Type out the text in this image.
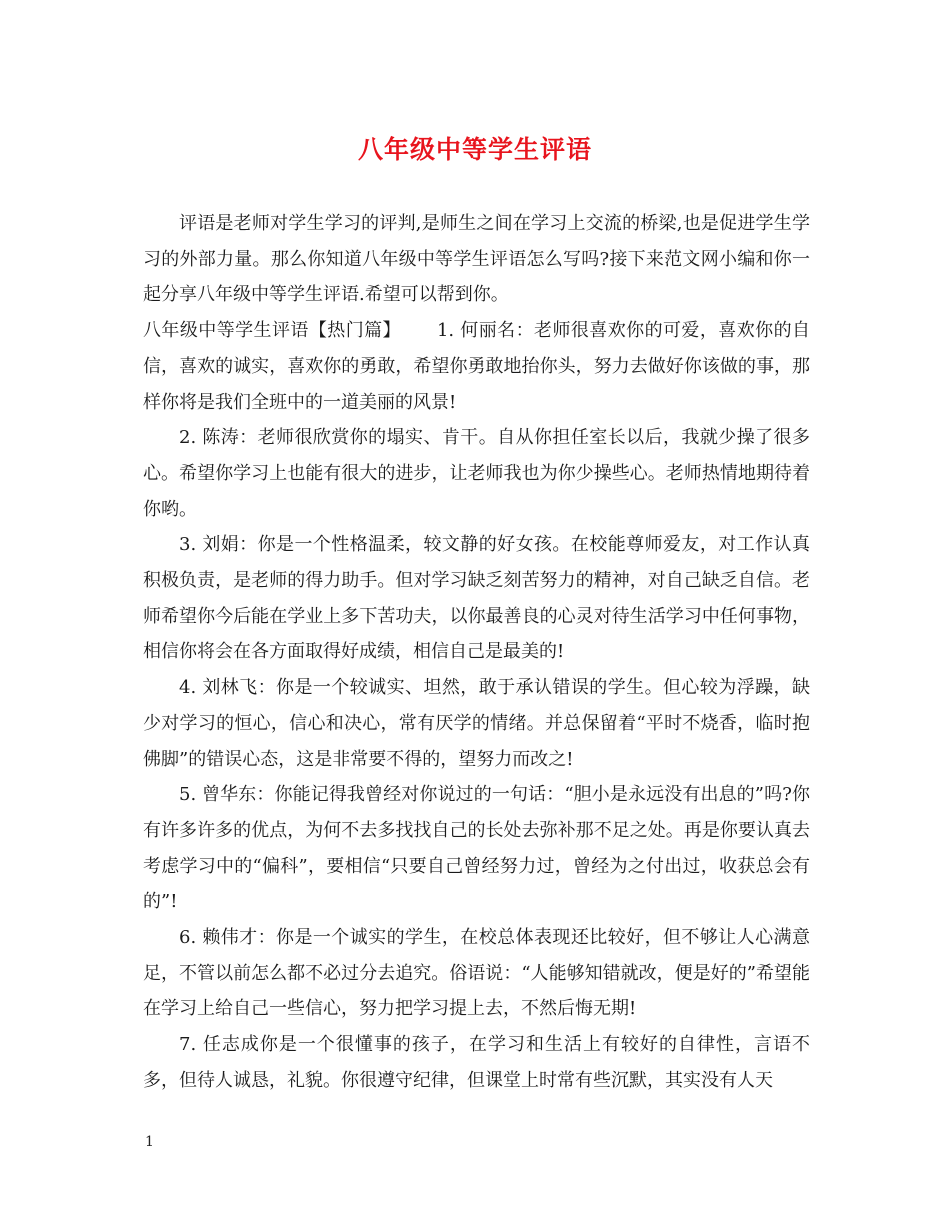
八年级中等学生评语

评语是老师对学生学习的评判,是师生之间在学习上交流的桥梁,也是促进学生学习的外部力量。那么你知道八年级中等学生评语怎么写吗?接下来范文网小编和你一起分享八年级中等学生评语.希望可以帮到你。

八年级中等学生评语【热门篇】 1. 何丽名：老师很喜欢你的可爱，喜欢你的自信，喜欢的诚实，喜欢你的勇敢，希望你勇敢地抬你头，努力去做好你该做的事，那样你将是我们全班中的一道美丽的风景!

2. 陈涛：老师很欣赏你的塌实、肯干。自从你担任室长以后，我就少操了很多心。希望你学习上也能有很大的进步，让老师我也为你少操些心。老师热情地期待着你哟。

3. 刘娟：你是一个性格温柔，较文静的好女孩。在校能尊师爱友，对工作认真积极负责，是老师的得力助手。但对学习缺乏刻苦努力的精神，对自己缺乏自信。老师希望你今后能在学业上多下苦功夫，以你最善良的心灵对待生活学习中任何事物，相信你将会在各方面取得好成绩，相信自己是最美的!

4. 刘林飞：你是一个较诚实、坦然，敢于承认错误的学生。但心较为浮躁，缺少对学习的恒心，信心和决心，常有厌学的情绪。并总保留着“平时不烧香，临时抱佛脚”的错误心态，这是非常要不得的，望努力而改之!

5. 曾华东：你能记得我曾经对你说过的一句话：“胆小是永远没有出息的”吗?你有许多许多的优点，为何不去多找找自己的长处去弥补那不足之处。再是你要认真去考虑学习中的“偏科”，要相信“只要自己曾经努力过，曾经为之付出过，收获总会有的”!

6. 赖伟才：你是一个诚实的学生，在校总体表现还比较好，但不够让人心满意足，不管以前怎么都不必过分去追究。俗语说：“人能够知错就改，便是好的”希望能在学习上给自己一些信心，努力把学习提上去，不然后悔无期!

7. 任志成你是一个很懂事的孩子，在学习和生活上有较好的自律性，言语不多，但待人诚恳，礼貌。你很遵守纪律，但课堂上时常有些沉默，其实没有人天

1
